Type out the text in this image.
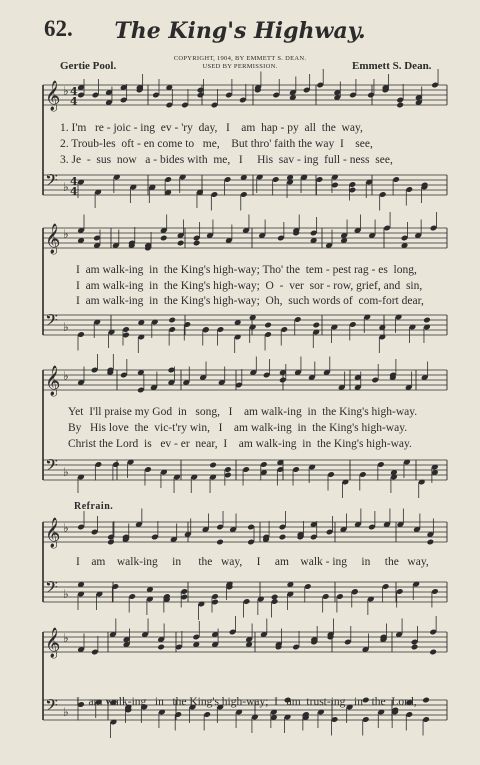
62.	The King's Highway.
COPYRIGHT, 1904, BY EMMETT S. DEAN.
USED BY PERMISSION.
Gertie Pool.	Emmett S. Dean.
Refrain.
𝄞 ♭
𝄢 ♭
𝄞 ♭
𝄢 ♭
𝄞 ♭
𝄢 ♭
𝄞 ♭
𝄢 ♭
𝄞 ♭
𝄢 ♭
4
4
4
4
1. I'm   re - joic - ing  ev - 'ry  day,   I    am  hap - py  all  the  way,
2. Troub-les  oft - en come to   me,    But thro' faith the way  I    see,
3. Je  -  sus  now   a - bides with  me,   I     His  sav - ing  full - ness  see,
I  am walk-ing  in  the King's high-way; Tho' the  tem - pest rag - es  long,
I  am walk-ing  in  the King's high-way;  O  -  ver  sor - row, grief, and  sin,
I  am walk-ing  in  the King's high-way;  Oh,  such words of  com-fort dear,
Yet  I'll praise my God  in   song,   I    am walk-ing  in  the King's high-way.
By   His love  the  vic-t'ry win,   I    am walk-ing  in  the King's high-way.
Christ the Lord  is   ev - er  near,  I    am walk-ing  in  the King's high-way.
I    am    walk-ing     in      the   way,     I     am    walk - ing     in     the   way,
I   am walk-ing   in   the King's high-way;  I   am  trust-ing   in   the  Lord,
